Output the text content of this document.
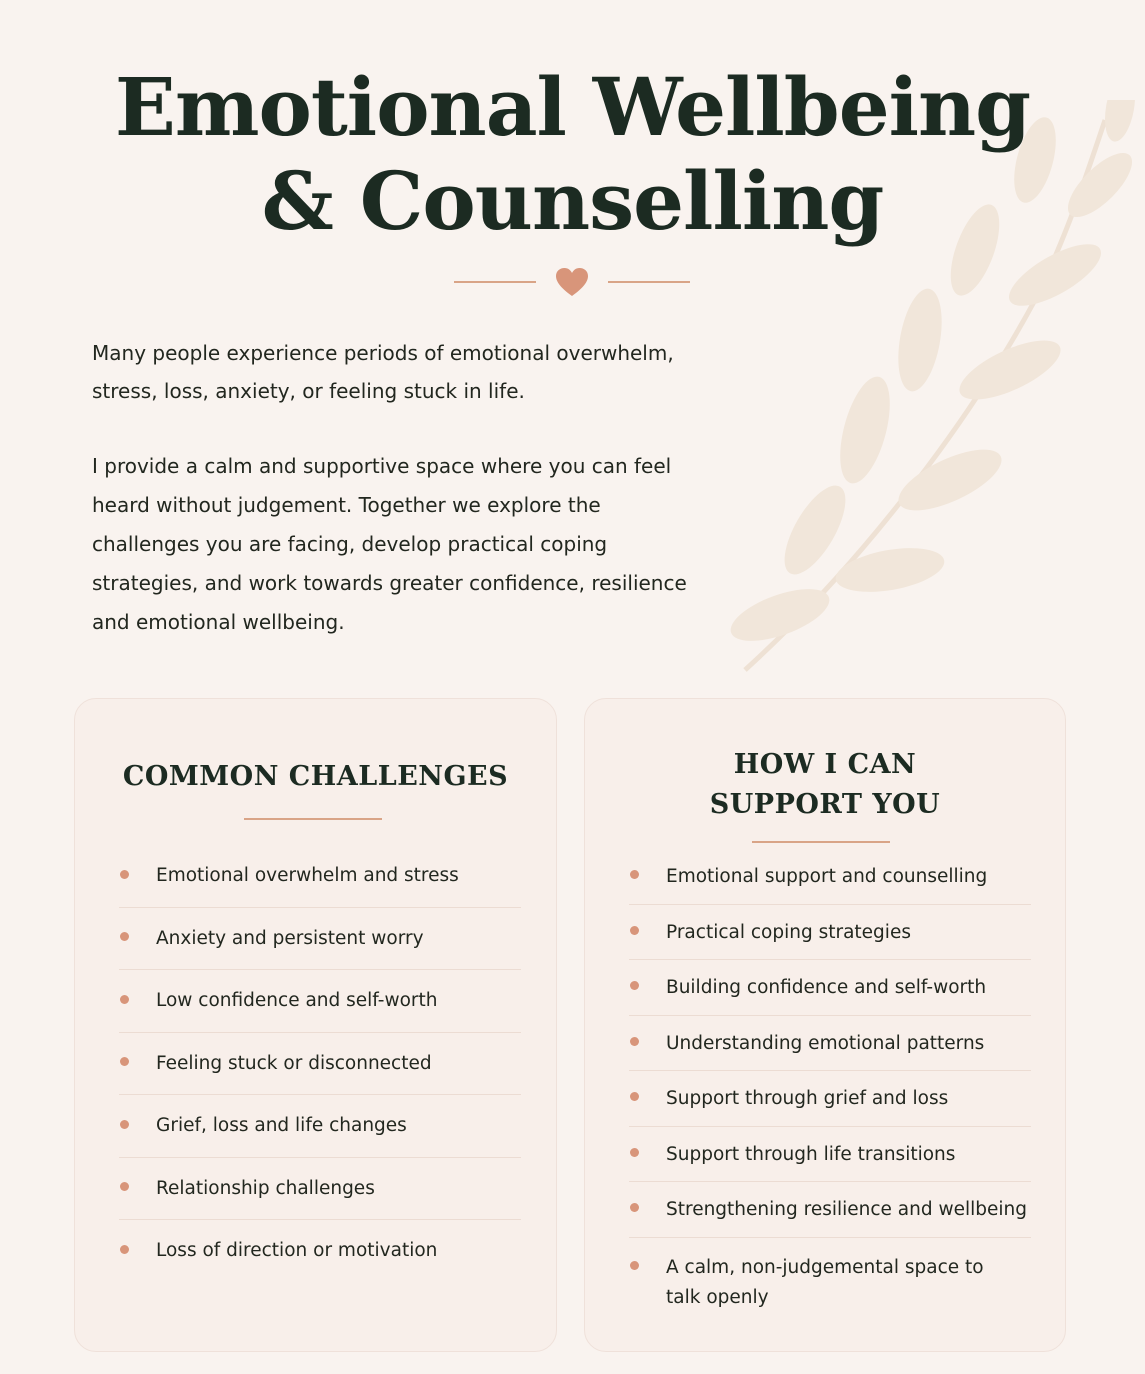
Emotional Wellbeing
& Counselling

Many people experience periods of emotional overwhelm, stress, loss, anxiety, or feeling stuck in life.

I provide a calm and supportive space where you can feel heard without judgement. Together we explore the challenges you are facing, develop practical coping strategies, and work towards greater confidence, resilience and emotional wellbeing.

COMMON CHALLENGES
Emotional overwhelm and stress
Anxiety and persistent worry
Low confidence and self-worth
Feeling stuck or disconnected
Grief, loss and life changes
Relationship challenges
Loss of direction or motivation
HOW I CAN
SUPPORT YOU
Emotional support and counselling
Practical coping strategies
Building confidence and self-worth
Understanding emotional patterns
Support through grief and loss
Support through life transitions
Strengthening resilience and wellbeing
A calm, non-judgemental space to talk openly
